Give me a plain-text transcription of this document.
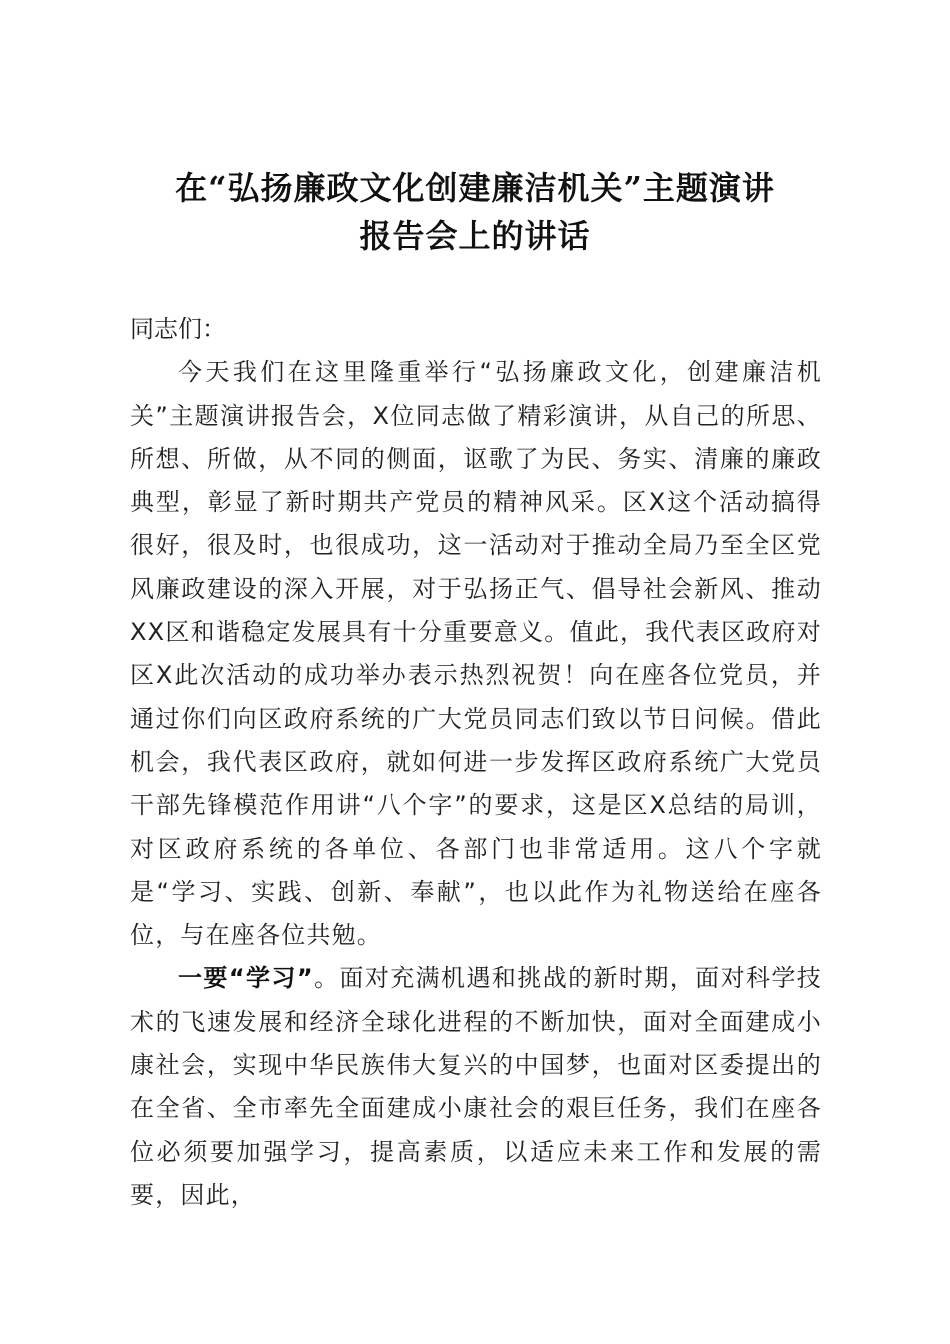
在“弘扬廉政文化创建廉洁机关”主题演讲
报告会上的讲话

同志们：

今天我们在这里隆重举行“弘扬廉政文化，创建廉洁机关”主题演讲报告会，X位同志做了精彩演讲，从自己的所思、所想、所做，从不同的侧面，讴歌了为民、务实、清廉的廉政典型，彰显了新时期共产党员的精神风采。区X这个活动搞得很好，很及时，也很成功，这一活动对于推动全局乃至全区党风廉政建设的深入开展，对于弘扬正气、倡导社会新风、推动XX区和谐稳定发展具有十分重要意义。值此，我代表区政府对区X此次活动的成功举办表示热烈祝贺！向在座各位党员，并通过你们向区政府系统的广大党员同志们致以节日问候。借此机会，我代表区政府，就如何进一步发挥区政府系统广大党员干部先锋模范作用讲“八个字”的要求，这是区X总结的局训，对区政府系统的各单位、各部门也非常适用。这八个字就是“学习、实践、创新、奉献”，也以此作为礼物送给在座各位，与在座各位共勉。

一要“学习”。面对充满机遇和挑战的新时期，面对科学技术的飞速发展和经济全球化进程的不断加快，面对全面建成小康社会，实现中华民族伟大复兴的中国梦，也面对区委提出的在全省、全市率先全面建成小康社会的艰巨任务，我们在座各位必须要加强学习，提高素质，以适应未来工作和发展的需要，因此，
